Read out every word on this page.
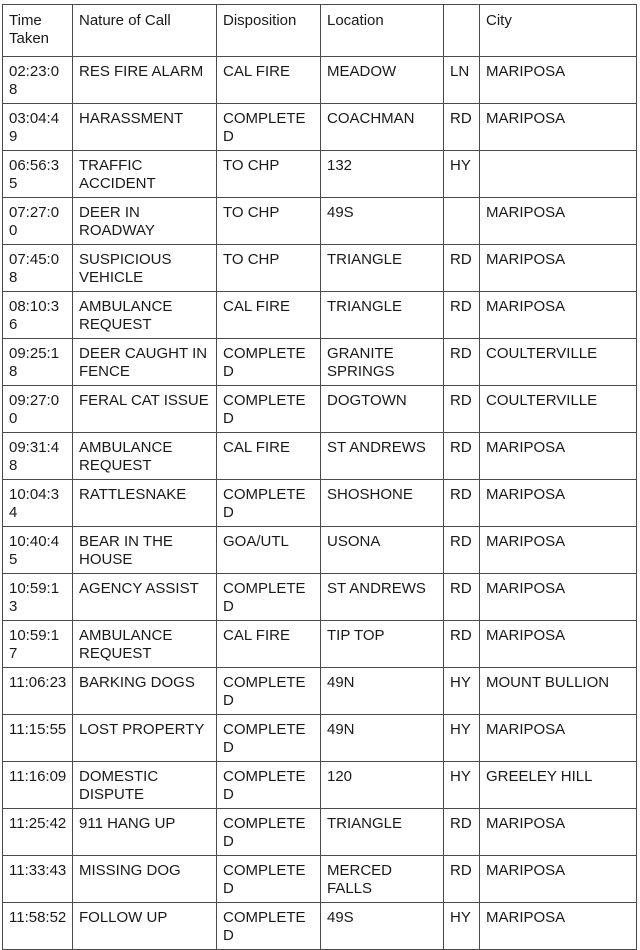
Time Taken	Nature of Call	Disposition	Location		City
02:23:08	RES FIRE ALARM	CAL FIRE	MEADOW	LN	MARIPOSA
03:04:49	HARASSMENT	COMPLETED	COACHMAN	RD	MARIPOSA
06:56:35	TRAFFIC ACCIDENT	TO CHP	132	HY	
07:27:00	DEER IN ROADWAY	TO CHP	49S		MARIPOSA
07:45:08	SUSPICIOUS VEHICLE	TO CHP	TRIANGLE	RD	MARIPOSA
08:10:36	AMBULANCE REQUEST	CAL FIRE	TRIANGLE	RD	MARIPOSA
09:25:18	DEER CAUGHT IN FENCE	COMPLETED	GRANITE SPRINGS	RD	COULTERVILLE
09:27:00	FERAL CAT ISSUE	COMPLETED	DOGTOWN	RD	COULTERVILLE
09:31:48	AMBULANCE REQUEST	CAL FIRE	ST ANDREWS	RD	MARIPOSA
10:04:34	RATTLESNAKE	COMPLETED	SHOSHONE	RD	MARIPOSA
10:40:45	BEAR IN THE HOUSE	GOA/UTL	USONA	RD	MARIPOSA
10:59:13	AGENCY ASSIST	COMPLETED	ST ANDREWS	RD	MARIPOSA
10:59:17	AMBULANCE REQUEST	CAL FIRE	TIP TOP	RD	MARIPOSA
11:06:23	BARKING DOGS	COMPLETED	49N	HY	MOUNT BULLION
11:15:55	LOST PROPERTY	COMPLETED	49N	HY	MARIPOSA
11:16:09	DOMESTIC DISPUTE	COMPLETED	120	HY	GREELEY HILL
11:25:42	911 HANG UP	COMPLETED	TRIANGLE	RD	MARIPOSA
11:33:43	MISSING DOG	COMPLETED	MERCED FALLS	RD	MARIPOSA
11:58:52	FOLLOW UP	COMPLETED	49S	HY	MARIPOSA
